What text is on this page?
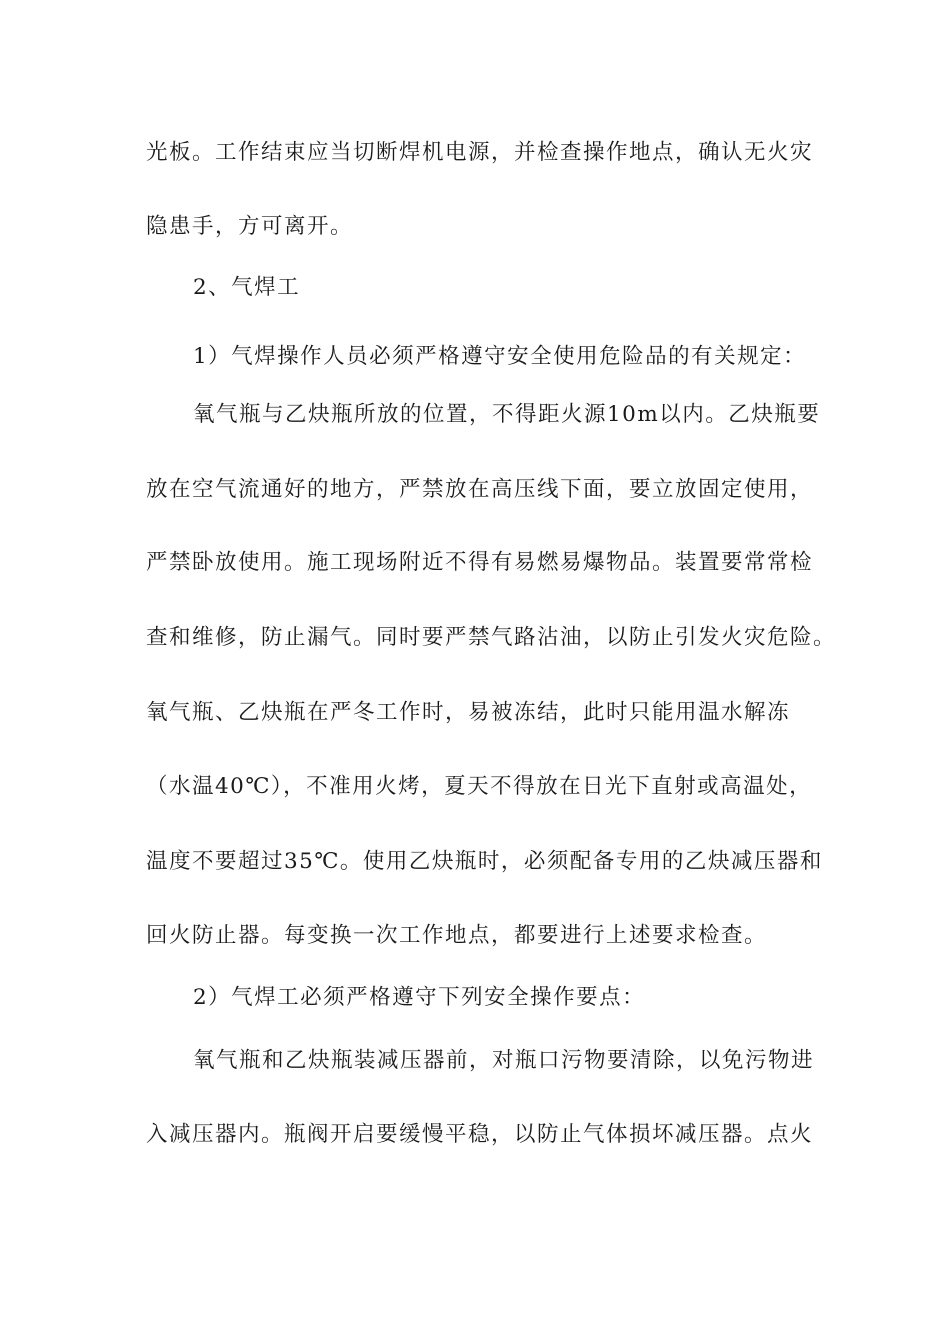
光板。工作结束应当切断焊机电源，并检查操作地点，确认无火灾
隐患手，方可离开。
2、气焊工
1）气焊操作人员必须严格遵守安全使用危险品的有关规定：
氧气瓶与乙炔瓶所放的位置，不得距火源10m以内。乙炔瓶要
放在空气流通好的地方，严禁放在高压线下面，要立放固定使用，
严禁卧放使用。施工现场附近不得有易燃易爆物品。装置要常常检
查和维修，防止漏气。同时要严禁气路沾油，以防止引发火灾危险。
氧气瓶、乙炔瓶在严冬工作时，易被冻结，此时只能用温水解冻
（水温40℃），不准用火烤，夏天不得放在日光下直射或高温处，
温度不要超过35℃。使用乙炔瓶时，必须配备专用的乙炔减压器和
回火防止器。每变换一次工作地点，都要进行上述要求检查。
2）气焊工必须严格遵守下列安全操作要点：
氧气瓶和乙炔瓶装减压器前，对瓶口污物要清除，以免污物进
入减压器内。瓶阀开启要缓慢平稳，以防止气体损坏减压器。点火
